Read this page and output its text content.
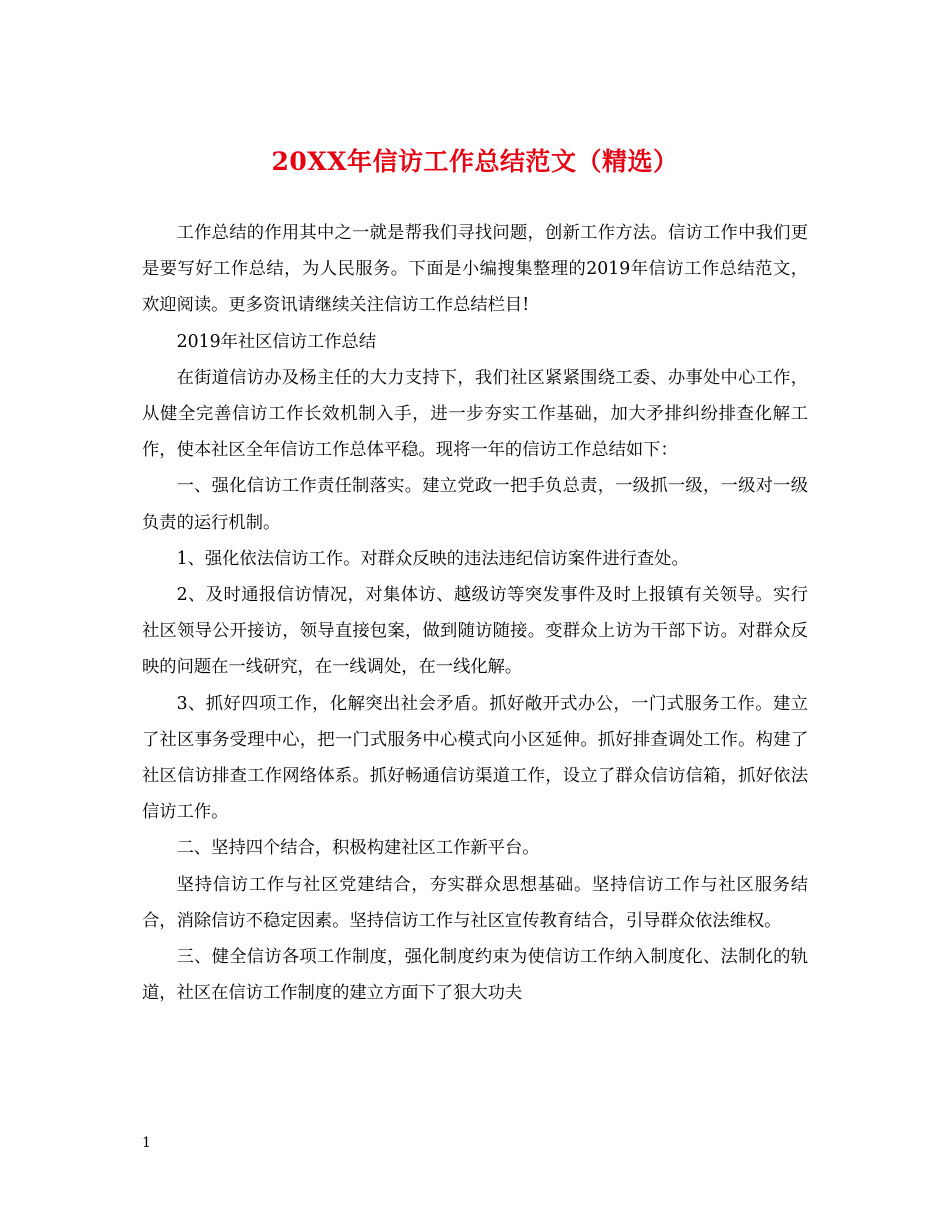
20XX年信访工作总结范文（精选）

工作总结的作用其中之一就是帮我们寻找问题，创新工作方法。信访工作中我们更是要写好工作总结，为人民服务。下面是小编搜集整理的2019年信访工作总结范文，欢迎阅读。更多资讯请继续关注信访工作总结栏目!

2019年社区信访工作总结

在街道信访办及杨主任的大力支持下，我们社区紧紧围绕工委、办事处中心工作，从健全完善信访工作长效机制入手，进一步夯实工作基础，加大矛排纠纷排查化解工作，使本社区全年信访工作总体平稳。现将一年的信访工作总结如下：

一、强化信访工作责任制落实。建立党政一把手负总责，一级抓一级，一级对一级负责的运行机制。

1、强化依法信访工作。对群众反映的违法违纪信访案件进行查处。

2、及时通报信访情况，对集体访、越级访等突发事件及时上报镇有关领导。实行社区领导公开接访，领导直接包案，做到随访随接。变群众上访为干部下访。对群众反映的问题在一线研究，在一线调处，在一线化解。

3、抓好四项工作，化解突出社会矛盾。抓好敞开式办公，一门式服务工作。建立了社区事务受理中心，把一门式服务中心模式向小区延伸。抓好排查调处工作。构建了社区信访排查工作网络体系。抓好畅通信访渠道工作，设立了群众信访信箱，抓好依法信访工作。

二、坚持四个结合，积极构建社区工作新平台。

坚持信访工作与社区党建结合，夯实群众思想基础。坚持信访工作与社区服务结合，消除信访不稳定因素。坚持信访工作与社区宣传教育结合，引导群众依法维权。

三、健全信访各项工作制度，强化制度约束为使信访工作纳入制度化、法制化的轨道，社区在信访工作制度的建立方面下了狠大功夫

1
